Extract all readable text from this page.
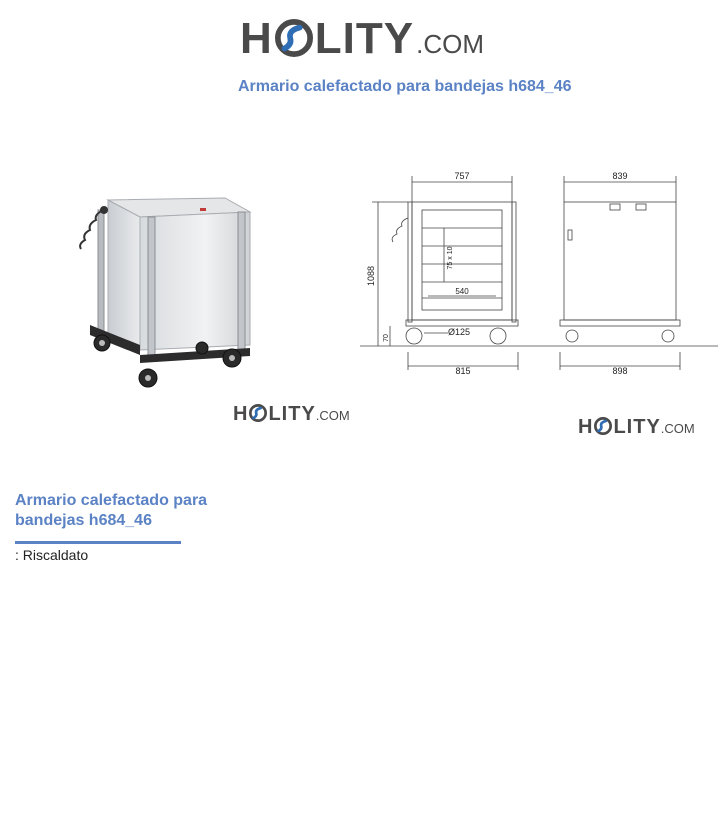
H LITY .COM
Armario calefactado para bandejas h684_46
757	839
1088
70
75 x 10
540
Ø125
815	898
H LITY .COM
H LITY .COM
Armario calefactado para bandejas h684_46
: Riscaldato
